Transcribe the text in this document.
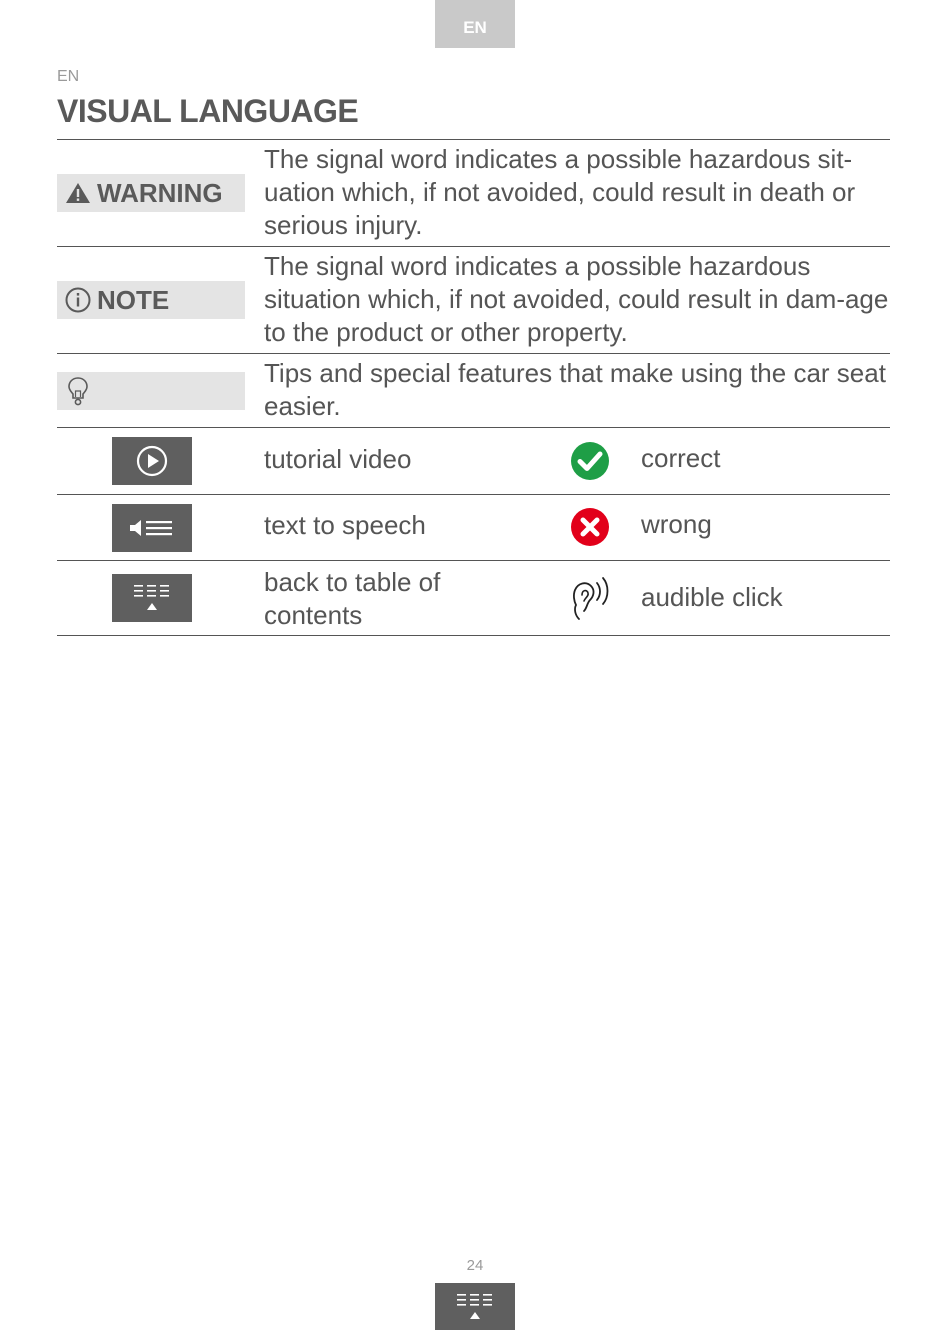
EN
EN
VISUAL LANGUAGE
WARNING
The signal word indicates a possible hazardous sit-uation which, if not avoided, could result in death or serious injury.
NOTE
The signal word indicates a possible hazardous situation which, if not avoided, could result in dam-age to the product or other property.
Tips and special features that make using the car seat easier.
tutorial video	correct
text to speech	wrong
back to table of contents
audible click
24
